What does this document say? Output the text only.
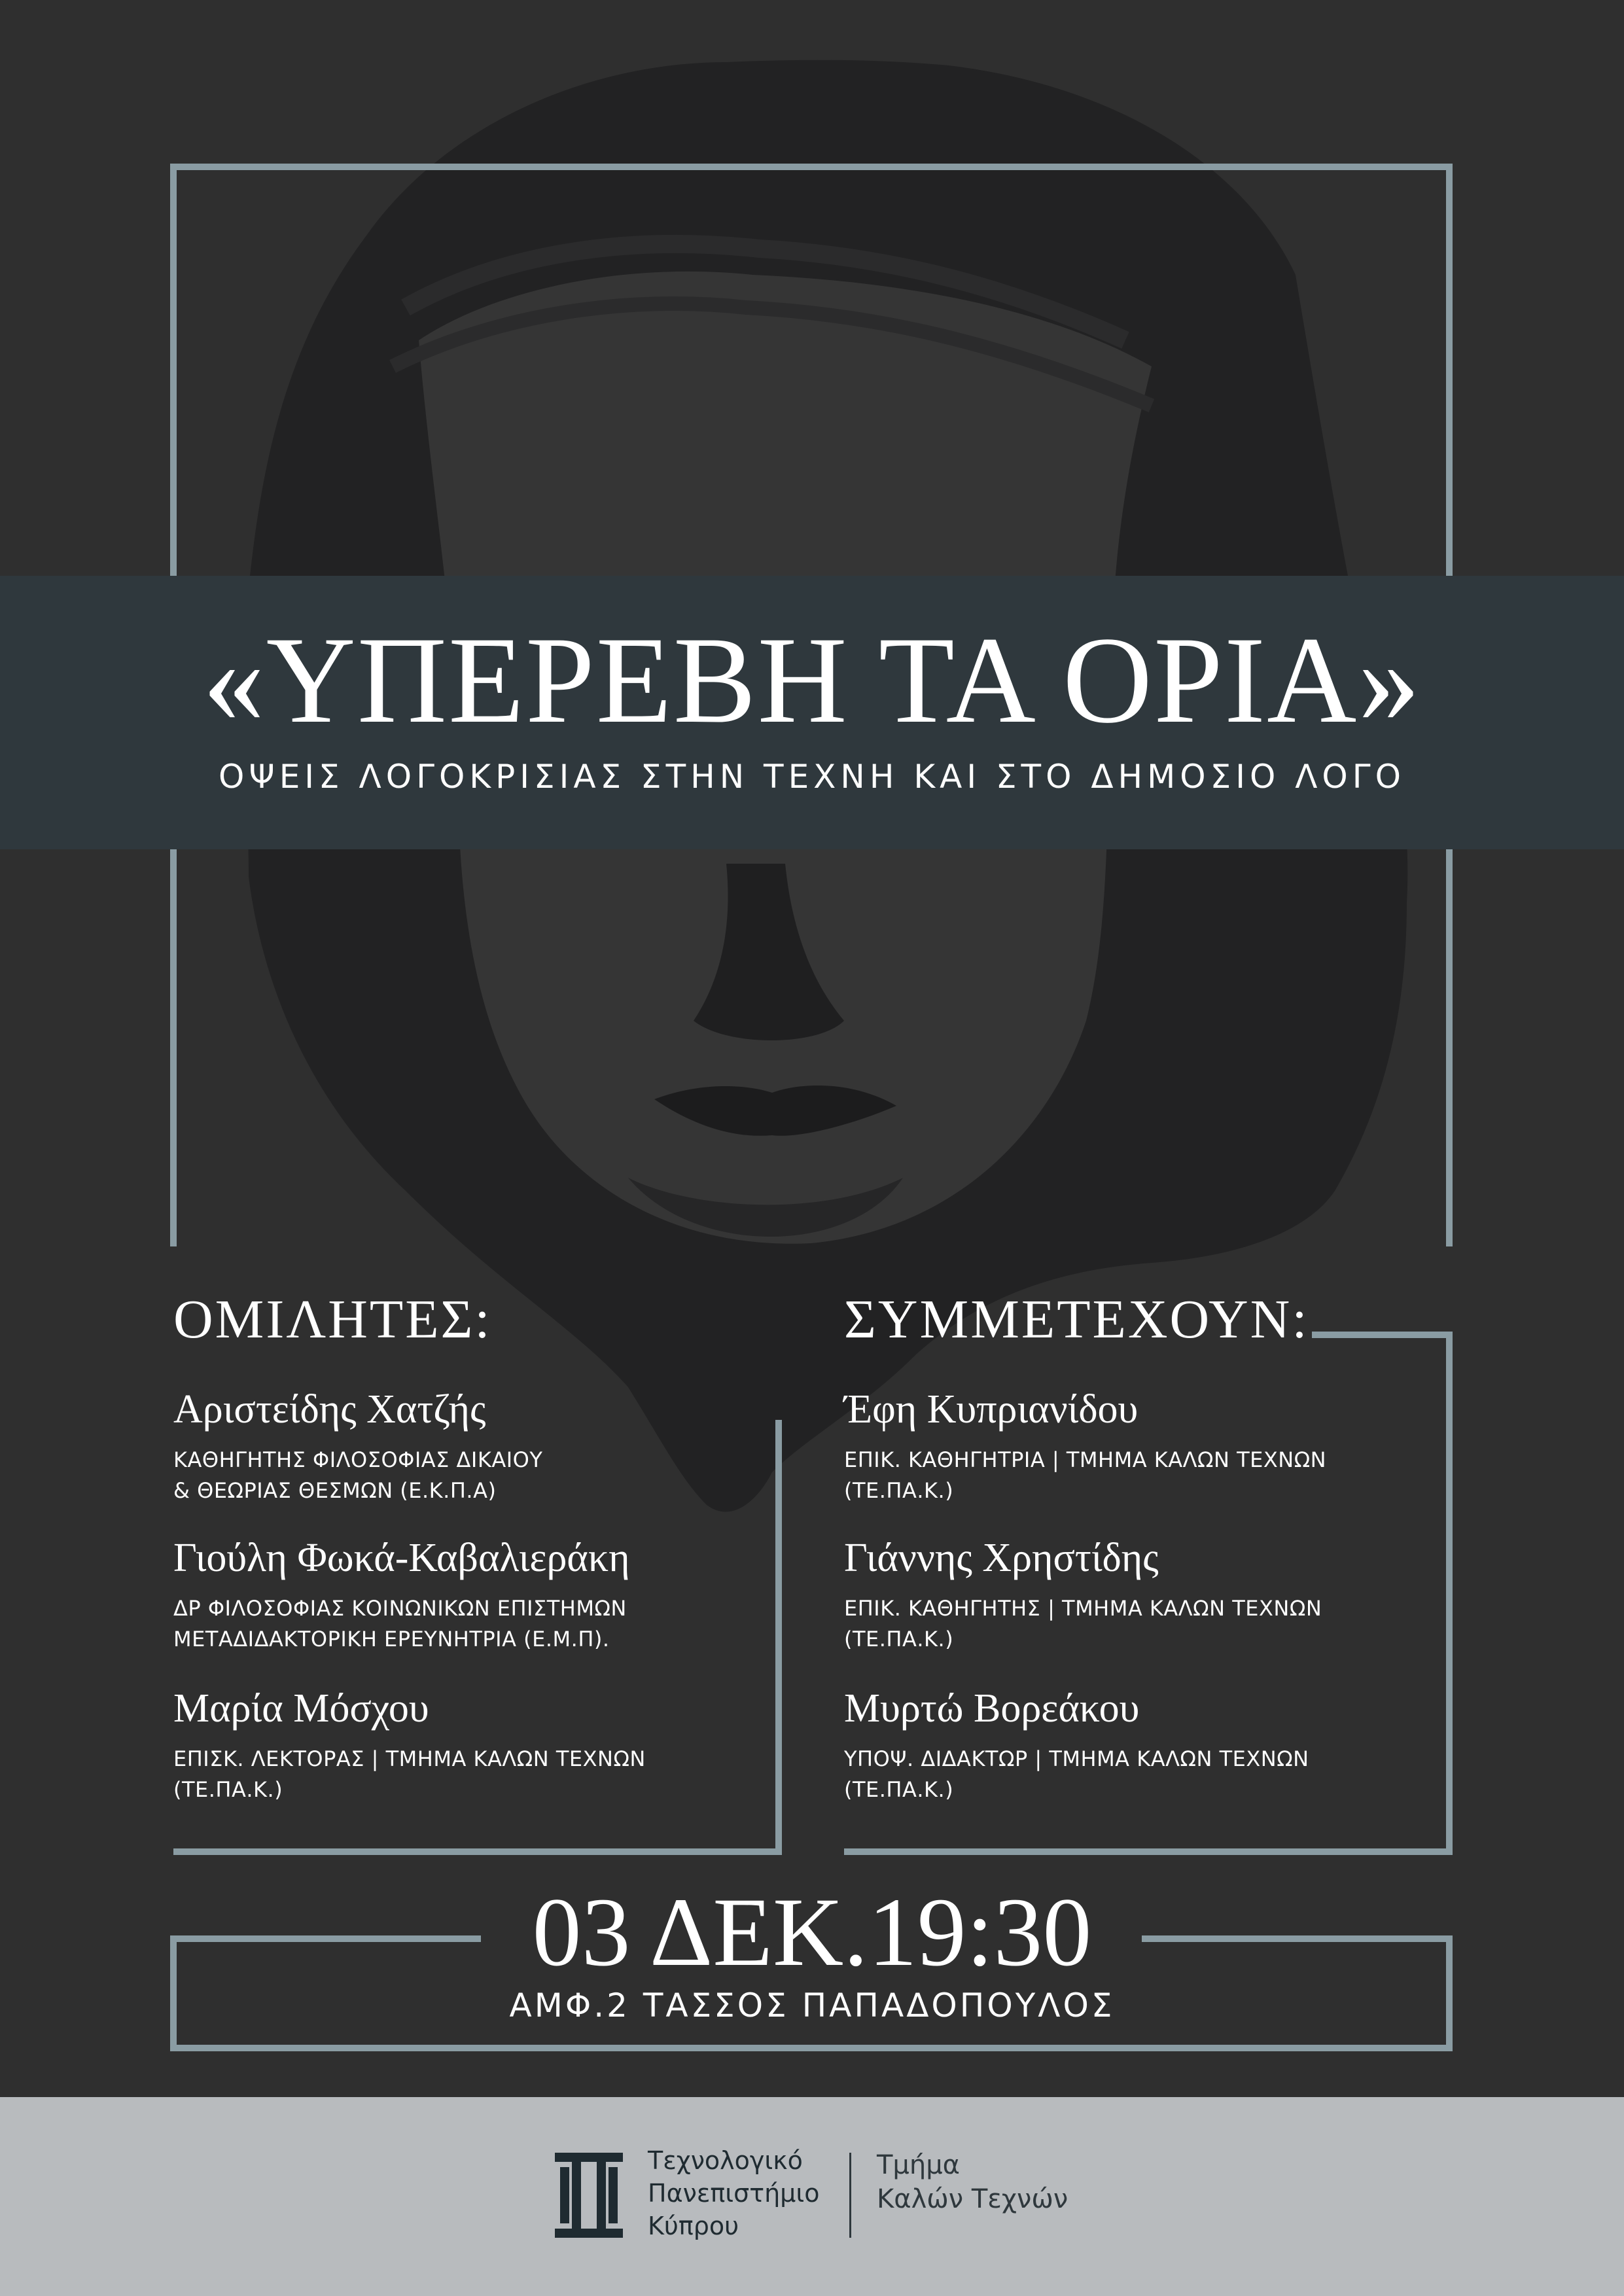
«ΥΠΕΡΕΒΗ ΤΑ ΟΡΙΑ»
ΟΨΕΙΣ ΛΟΓΟΚΡΙΣΙΑΣ ΣΤΗΝ ΤΕΧΝΗ ΚΑΙ ΣΤΟ ΔΗΜΟΣΙΟ ΛΟΓΟ
ΟΜΙΛΗΤΕΣ:
Αριστείδης Χατζής
ΚΑΘΗΓΗΤΗΣ ΦΙΛΟΣΟΦΙΑΣ ΔΙΚΑΙΟΥ
& ΘΕΩΡΙΑΣ ΘΕΣΜΩΝ (Ε.Κ.Π.Α)
Γιούλη Φωκά-Καβαλιεράκη
ΔΡ ΦΙΛΟΣΟΦΙΑΣ ΚΟΙΝΩΝΙΚΩΝ ΕΠΙΣΤΗΜΩΝ
ΜΕΤΑΔΙΔΑΚΤΟΡΙΚΗ ΕΡΕΥΝΗΤΡΙΑ (Ε.Μ.Π).
Μαρία Μόσχου
ΕΠΙΣΚ. ΛΕΚΤΟΡΑΣ | ΤΜΗΜΑ ΚΑΛΩΝ ΤΕΧΝΩΝ
(ΤΕ.ΠΑ.Κ.)
ΣΥΜΜΕΤΕΧΟΥΝ:
Έφη Κυπριανίδου
ΕΠΙΚ. ΚΑΘΗΓΗΤΡΙΑ | ΤΜΗΜΑ ΚΑΛΩΝ ΤΕΧΝΩΝ
(ΤΕ.ΠΑ.Κ.)
Γιάννης Χρηστίδης
ΕΠΙΚ. ΚΑΘΗΓΗΤΗΣ | ΤΜΗΜΑ ΚΑΛΩΝ ΤΕΧΝΩΝ
(ΤΕ.ΠΑ.Κ.)
Μυρτώ Βορεάκου
ΥΠΟΨ. ΔΙΔΑΚΤΩΡ | ΤΜΗΜΑ ΚΑΛΩΝ ΤΕΧΝΩΝ
(ΤΕ.ΠΑ.Κ.)
03 ΔΕΚ.19:30
ΑΜΦ.2 ΤΑΣΣΟΣ ΠΑΠΑΔΟΠΟΥΛΟΣ
Τεχνολογικό
Πανεπιστήμιο
Κύπρου
Τμήμα
Καλών Τεχνών
